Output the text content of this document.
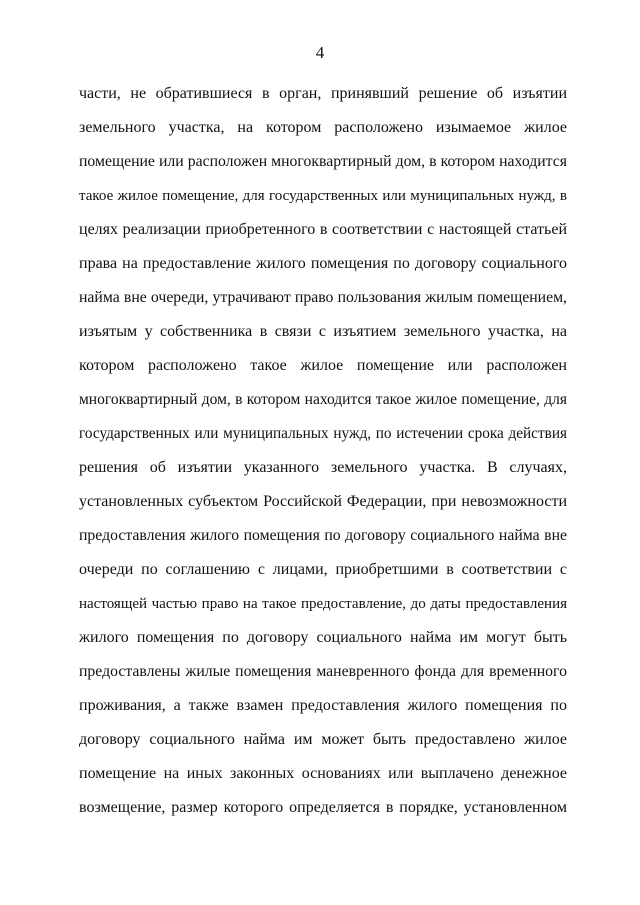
4
части, не обратившиеся в орган, принявший решение об изъятии
земельного участка, на котором расположено изымаемое жилое
помещение или расположен многоквартирный дом, в котором находится
такое жилое помещение, для государственных или муниципальных нужд, в
целях реализации приобретенного в соответствии с настоящей статьей
права на предоставление жилого помещения по договору социального
найма вне очереди, утрачивают право пользования жилым помещением,
изъятым у собственника в связи с изъятием земельного участка, на
котором расположено такое жилое помещение или расположен
многоквартирный дом, в котором находится такое жилое помещение, для
государственных или муниципальных нужд, по истечении срока действия
решения об изъятии указанного земельного участка. В случаях,
установленных субъектом Российской Федерации, при невозможности
предоставления жилого помещения по договору социального найма вне
очереди по соглашению с лицами, приобретшими в соответствии с
настоящей частью право на такое предоставление, до даты предоставления
жилого помещения по договору социального найма им могут быть
предоставлены жилые помещения маневренного фонда для временного
проживания, а также взамен предоставления жилого помещения по
договору социального найма им может быть предоставлено жилое
помещение на иных законных основаниях или выплачено денежное
возмещение, размер которого определяется в порядке, установленном
